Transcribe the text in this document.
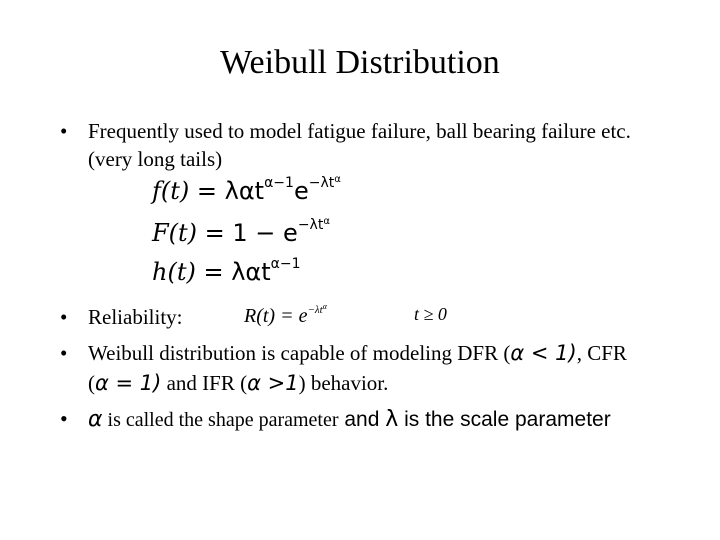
Weibull Distribution
• Frequently used to model fatigue failure, ball bearing failure etc.
(very long tails)
$f(t) = \lambda\alpha t^{\alpha-1}e^{-\lambda t^\alpha}$
$F(t) = 1 - e^{-\lambda t^\alpha}$
h(t) = λαt$^{\alpha-1}$
• Reliability:	$R(t) = e^{-\lambda t^\alpha}$	t ≥ 0
• Weibull distribution is capable of modeling DFR (α < 1), CFR
(α = 1) and IFR (α >1) behavior.
• α is called the shape parameter and λ is the scale parameter
